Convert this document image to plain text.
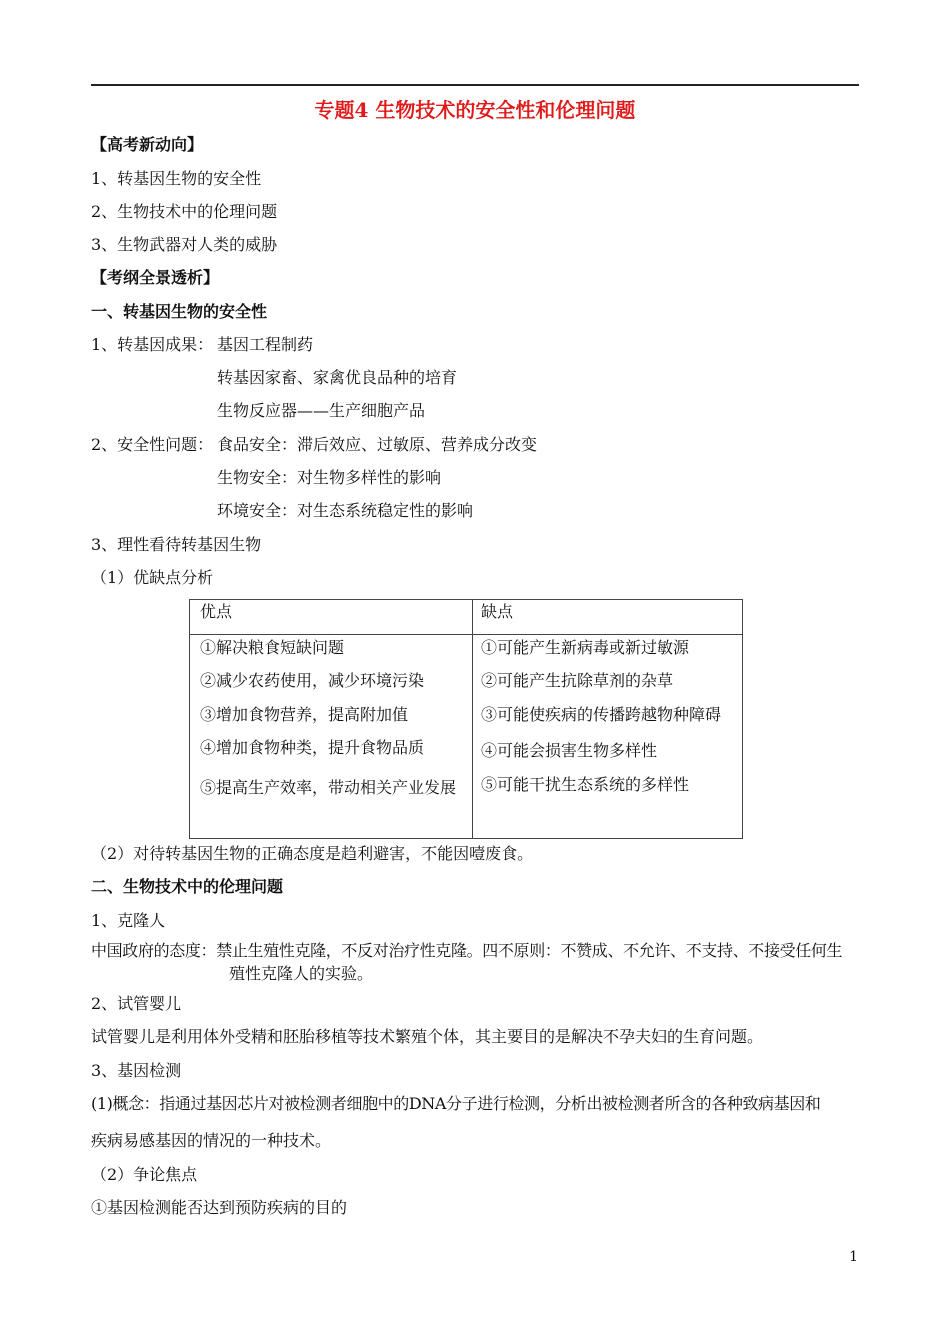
专题4 生物技术的安全性和伦理问题
【高考新动向】
1、转基因生物的安全性
2、生物技术中的伦理问题
3、生物武器对人类的威胁
【考纲全景透析】
一、转基因生物的安全性
1、转基因成果： 基因工程制药
转基因家畜、家禽优良品种的培育
生物反应器——生产细胞产品
2、安全性问题： 食品安全：滞后效应、过敏原、营养成分改变
生物安全：对生物多样性的影响
环境安全：对生态系统稳定性的影响
3、理性看待转基因生物
（1）优缺点分析
优点	缺点
①解决粮食短缺问题
②减少农药使用，减少环境污染
③增加食物营养，提高附加值
④增加食物种类，提升食物品质
⑤提高生产效率，带动相关产业发展
①可能产生新病毒或新过敏源
②可能产生抗除草剂的杂草
③可能使疾病的传播跨越物种障碍
④可能会损害生物多样性
⑤可能干扰生态系统的多样性
（2）对待转基因生物的正确态度是趋利避害，不能因噎废食。
二、生物技术中的伦理问题
1、克隆人
中国政府的态度：禁止生殖性克隆，不反对治疗性克隆。四不原则：不赞成、不允许、不支持、不接受任何生
殖性克隆人的实验。
2、试管婴儿
试管婴儿是利用体外受精和胚胎移植等技术繁殖个体，其主要目的是解决不孕夫妇的生育问题。
3、基因检测
(1)概念：指通过基因芯片对被检测者细胞中的DNA分子进行检测，分析出被检测者所含的各种致病基因和
疾病易感基因的情况的一种技术。
（2）争论焦点
①基因检测能否达到预防疾病的目的
1
